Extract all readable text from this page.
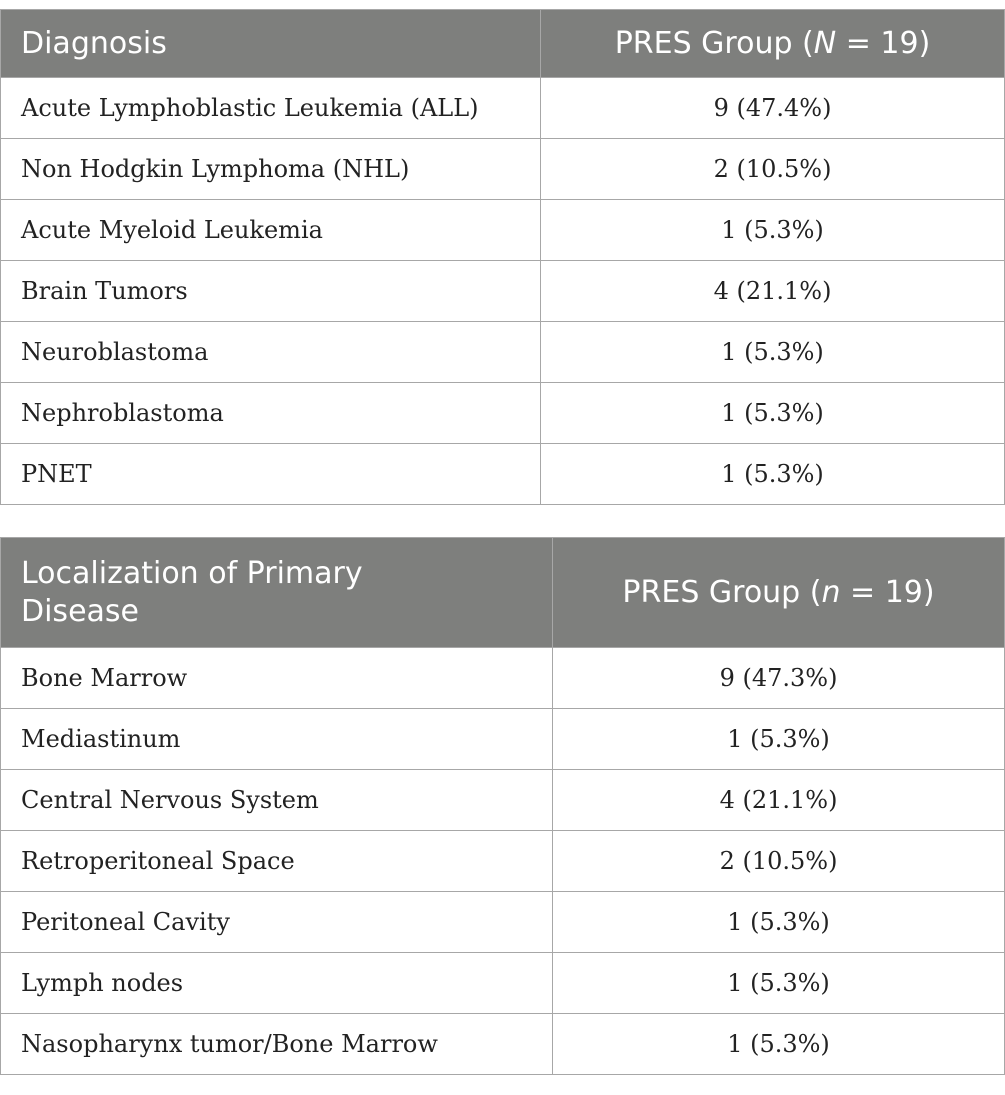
Diagnosis	PRES Group (N = 19)
Acute Lymphoblastic Leukemia (ALL)	9 (47.4%)
Non Hodgkin Lymphoma (NHL)	2 (10.5%)
Acute Myeloid Leukemia	1 (5.3%)
Brain Tumors	4 (21.1%)
Neuroblastoma	1 (5.3%)
Nephroblastoma	1 (5.3%)
PNET	1 (5.3%)
Localization of Primary
Disease	PRES Group (n = 19)
Bone Marrow	9 (47.3%)
Mediastinum	1 (5.3%)
Central Nervous System	4 (21.1%)
Retroperitoneal Space	2 (10.5%)
Peritoneal Cavity	1 (5.3%)
Lymph nodes	1 (5.3%)
Nasopharynx tumor/Bone Marrow	1 (5.3%)
